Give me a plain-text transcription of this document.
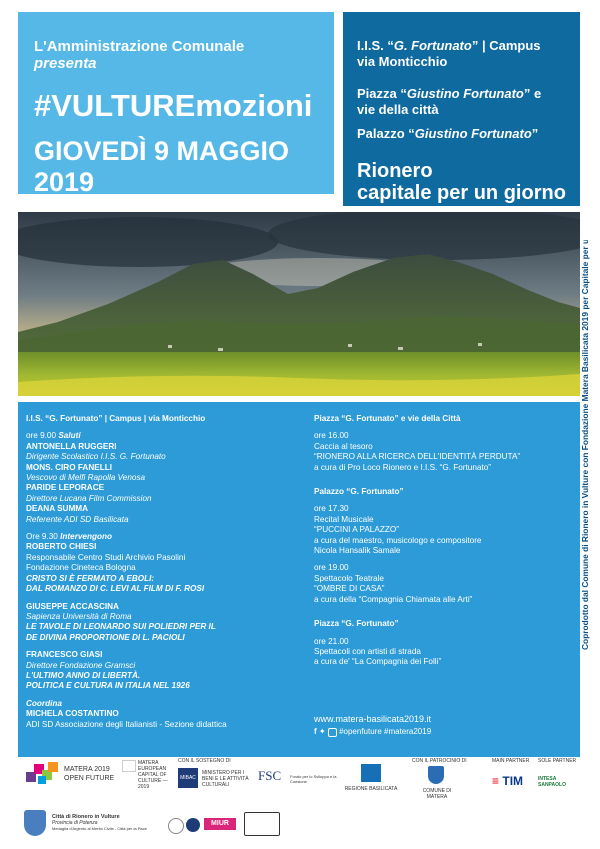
L'Amministrazione Comunale
presenta
#VULTUREmozioni
GIOVEDÌ 9 MAGGIO 2019
I.I.S. “G. Fortunato” | Campus
via Monticchio
Piazza “Giustino Fortunato” e
vie della città
Palazzo “Giustino Fortunato”
Rionero
capitale per un giorno

I.I.S. “G. Fortunato” | Campus | via Monticchio

ore 9.00 Saluti

ANTONELLA RUGGERI

Dirigente Scolastico I.I.S. G. Fortunato

MONS. CIRO FANELLI

Vescovo di Melfi Rapolla Venosa

PARIDE LEPORACE

Direttore Lucana Film Commission

DEANA SUMMA

Referente ADI SD Basilicata

Ore 9.30 Intervengono

ROBERTO CHIESI

Responsabile Centro Studi Archivio Pasolini

Fondazione Cineteca Bologna

CRISTO SI È FERMATO A EBOLI:

DAL ROMANZO DI C. LEVI AL FILM DI F. ROSI

GIUSEPPE ACCASCINA

Sapienza Università di Roma

LE TAVOLE DI LEONARDO SUI POLIEDRI PER IL

DE DIVINA PROPORTIONE DI L. PACIOLI

FRANCESCO GIASI

Direttore Fondazione Gramsci

L'ULTIMO ANNO DI LIBERTÀ.

POLITICA E CULTURA IN ITALIA NEL 1926

Coordina

MICHELA COSTANTINO

ADI SD Associazione degli Italianisti - Sezione didattica

Piazza “G. Fortunato” e vie della Città

ore 16.00

Caccia al tesoro

“RIONERO ALLA RICERCA DELL'IDENTITÀ PERDUTA”

a cura di Pro Loco Rionero e I.I.S. “G. Fortunato”

Palazzo “G. Fortunato”

ore 17.30

Recital Musicale

“PUCCINI A PALAZZO”

a cura del maestro, musicologo e compositore

Nicola Hansalik Samale

ore 19.00

Spettacolo Teatrale

“OMBRE DI CASA”

a cura della “Compagnia Chiamata alle Arti”

Piazza “G. Fortunato”

ore 21.00

Spettacoli con artisti di strada

a cura de' “La Compagnia dei Folli”

www.matera-basilicata2019.it

f ✦ #openfuture #matera2019
Coprodotto dal Comune di Rionero in Vulture con Fondazione Matera Basilicata 2019 per Capitale per un giorno
MATERA 2019
OPEN FUTURE
MATERA EUROPEAN CAPITAL OF CULTURE — 2019
CON IL SOSTEGNO DI
MIBAC
MINISTERO PER I BENI E LE ATTIVITÀ CULTURALI
FSC Fondo per lo Sviluppo e la Coesione
REGIONE BASILICATA
CON IL PATROCINIO DI
COMUNE DI MATERA
MAIN PARTNER
≡ TIM
SOLE PARTNER
INTESA SANPAOLO
Città di Rionero in Vulture
Provincia di Potenza
Medaglia d'Argento al Merito Civile - Città per la Pace
MIUR
